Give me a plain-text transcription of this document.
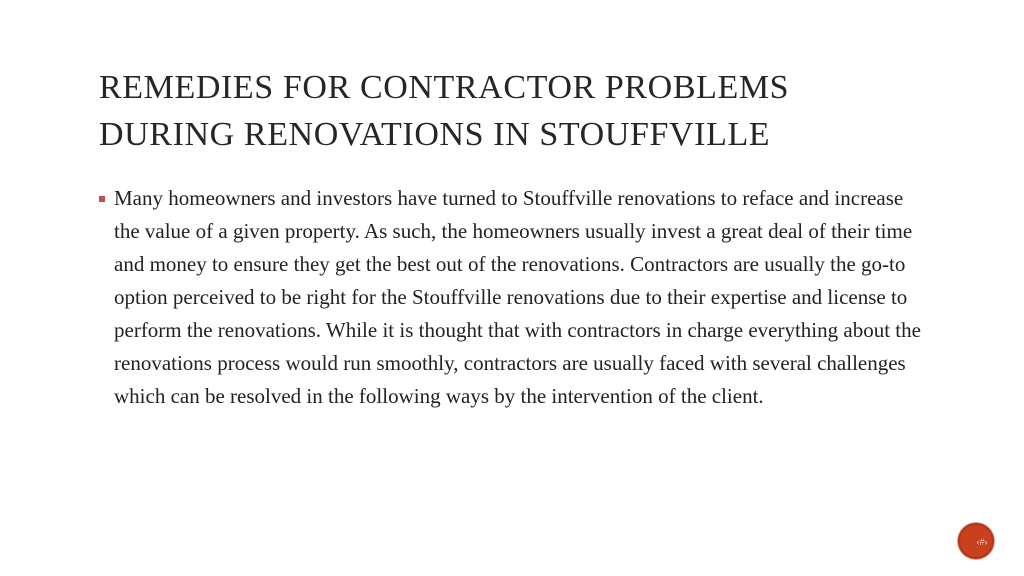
REMEDIES FOR CONTRACTOR PROBLEMS
DURING RENOVATIONS IN STOUFFVILLE

Many homeowners and investors have turned to Stouffville renovations to reface and increase the value of a given property. As such, the homeowners usually invest a great deal of their time and money to ensure they get the best out of the renovations. Contractors are usually the go-to option perceived to be right for the Stouffville renovations due to their expertise and license to perform the renovations. While it is thought that with contractors in charge everything about the renovations process would run smoothly, contractors are usually faced with several challenges which can be resolved in the following ways by the intervention of the client.

‹#›
